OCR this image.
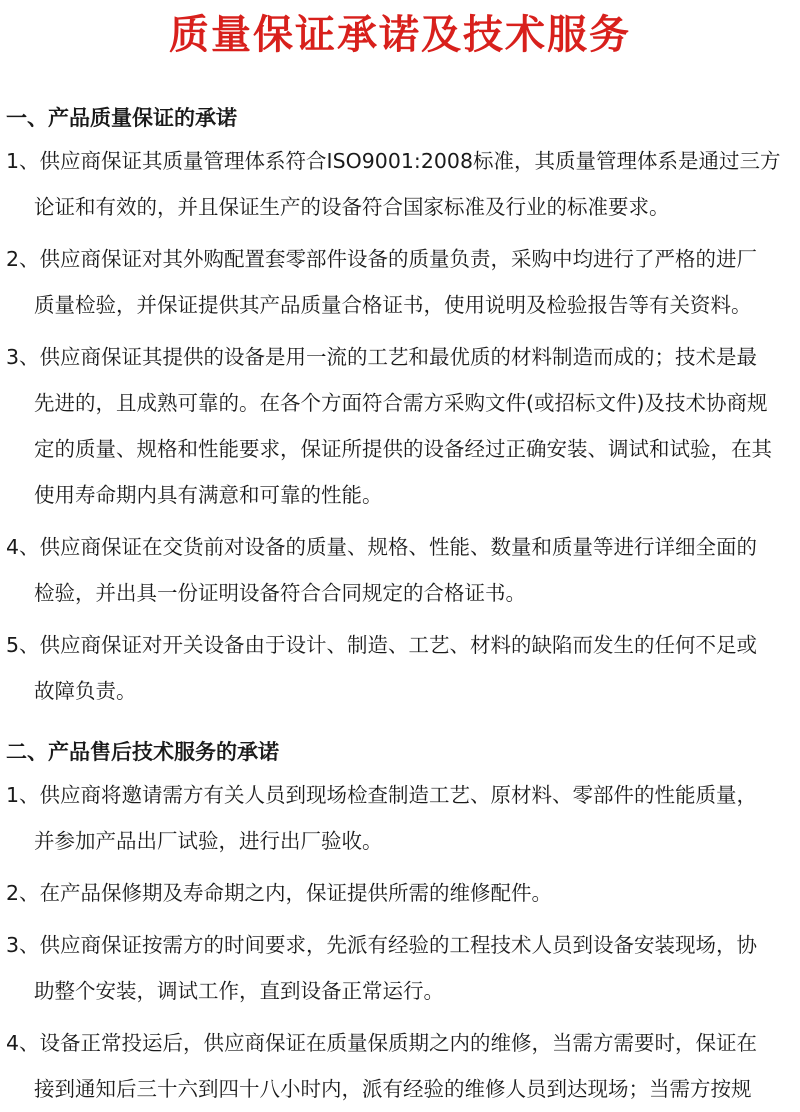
质量保证承诺及技术服务
一、产品质量保证的承诺
1、供应商保证其质量管理体系符合ISO9001:2008标准，其质量管理体系是通过三方
论证和有效的，并且保证生产的设备符合国家标准及行业的标准要求。
2、供应商保证对其外购配置套零部件设备的质量负责，采购中均进行了严格的进厂
质量检验，并保证提供其产品质量合格证书，使用说明及检验报告等有关资料。
3、供应商保证其提供的设备是用一流的工艺和最优质的材料制造而成的；技术是最
先进的，且成熟可靠的。在各个方面符合需方采购文件(或招标文件)及技术协商规
定的质量、规格和性能要求，保证所提供的设备经过正确安装、调试和试验，在其
使用寿命期内具有满意和可靠的性能。
4、供应商保证在交货前对设备的质量、规格、性能、数量和质量等进行详细全面的
检验，并出具一份证明设备符合合同规定的合格证书。
5、供应商保证对开关设备由于设计、制造、工艺、材料的缺陷而发生的任何不足或
故障负责。
二、产品售后技术服务的承诺
1、供应商将邀请需方有关人员到现场检查制造工艺、原材料、零部件的性能质量，
并参加产品出厂试验，进行出厂验收。
2、在产品保修期及寿命期之内，保证提供所需的维修配件。
3、供应商保证按需方的时间要求，先派有经验的工程技术人员到设备安装现场，协
助整个安装，调试工作，直到设备正常运行。
4、设备正常投运后，供应商保证在质量保质期之内的维修，当需方需要时，保证在
接到通知后三十六到四十八小时内，派有经验的维修人员到达现场；当需方按规
